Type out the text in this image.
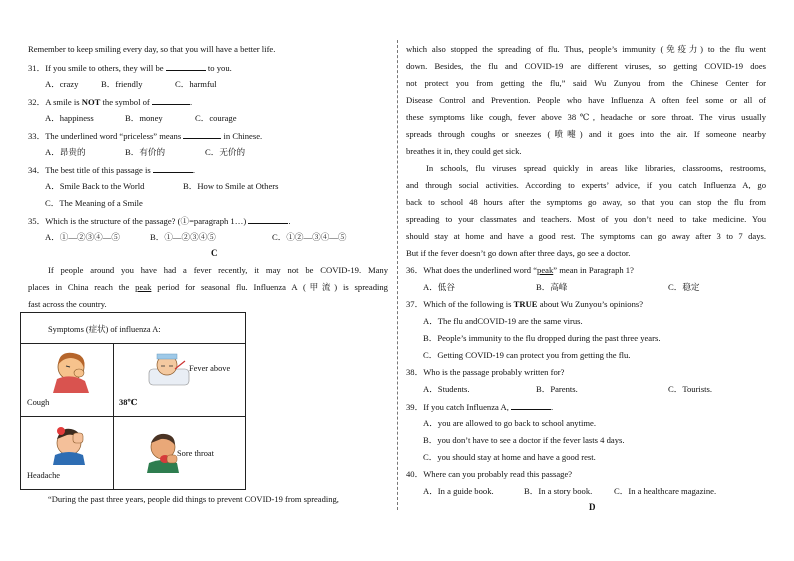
Remember to keep smiling every day, so that you will have a better life.
31．If you smile to others, they will be	to you.
A．crazy	B．friendly	C．harmful
32．A smile is NOT the symbol of	.
A．happiness	B．money	C．courage
33．The underlined word “priceless” means	in Chinese.
A．昂贵的	B．有价的	C．无价的
34．The best title of this passage is	.
A．Smile Back to the World	B．How to Smile at Others
C．The Meaning of a Smile
35．Which is the structure of the passage? (①=paragraph 1…)	.
A．①—②③④—⑤	B．①—②③④⑤	C．①②—③④—⑤
C
If people around you have had a fever recently, it may not be COVID-19. Many
places in China reach the peak period for seasonal flu. Influenza A (甲流) is spreading
fast across the country.
“During the past three years, people did things to prevent COVID-19 from spreading,
Symptoms (症状) of influenza A:
Cough
Fever above
38℃
Headache
Sore throat
which also stopped the spreading of flu. Thus, people’s immunity (免疫力) to the flu went
down. Besides, the flu and COVID-19 are different viruses, so getting COVID-19 does
not protect you from getting the flu,” said Wu Zunyou from the Chinese Center for
Disease Control and Prevention. People who have Influenza A often feel some or all of
these symptoms like cough, fever above 38℃, headache or sore throat. The virus usually
spreads through coughs or sneezes (喷嚏) and it goes into the air. If someone nearby
breathes it in, they could get sick.
In schools, flu viruses spread quickly in areas like libraries, classrooms, restrooms,
and through social activities. According to experts’ advice, if you catch Influenza A, go
back to school 48 hours after the symptoms go away, so that you can stop the flu from
spreading to your classmates and teachers. Most of you don’t need to take medicine. You
should stay at home and have a good rest. The symptoms can go away after 3 to 7 days.
But if the fever doesn’t go down after three days, go see a doctor.
36．What does the underlined word “peak” mean in Paragraph 1?
A．低谷	B．高峰	C．稳定
37．Which of the following is TRUE about Wu Zunyou’s opinions?
A．The flu andCOVID-19 are the same virus.
B．People’s immunity to the flu dropped during the past three years.
C．Getting COVID-19 can protect you from getting the flu.
38．Who is the passage probably written for?
A．Students.	B．Parents.	C．Tourists.
39．If you catch Influenza A,	.
A．you are allowed to go back to school anytime.
B．you don’t have to see a doctor if the fever lasts 4 days.
C．you should stay at home and have a good rest.
40．Where can you probably read this passage?
A．In a guide book.	B．In a story book.	C．In a healthcare magazine.
D
